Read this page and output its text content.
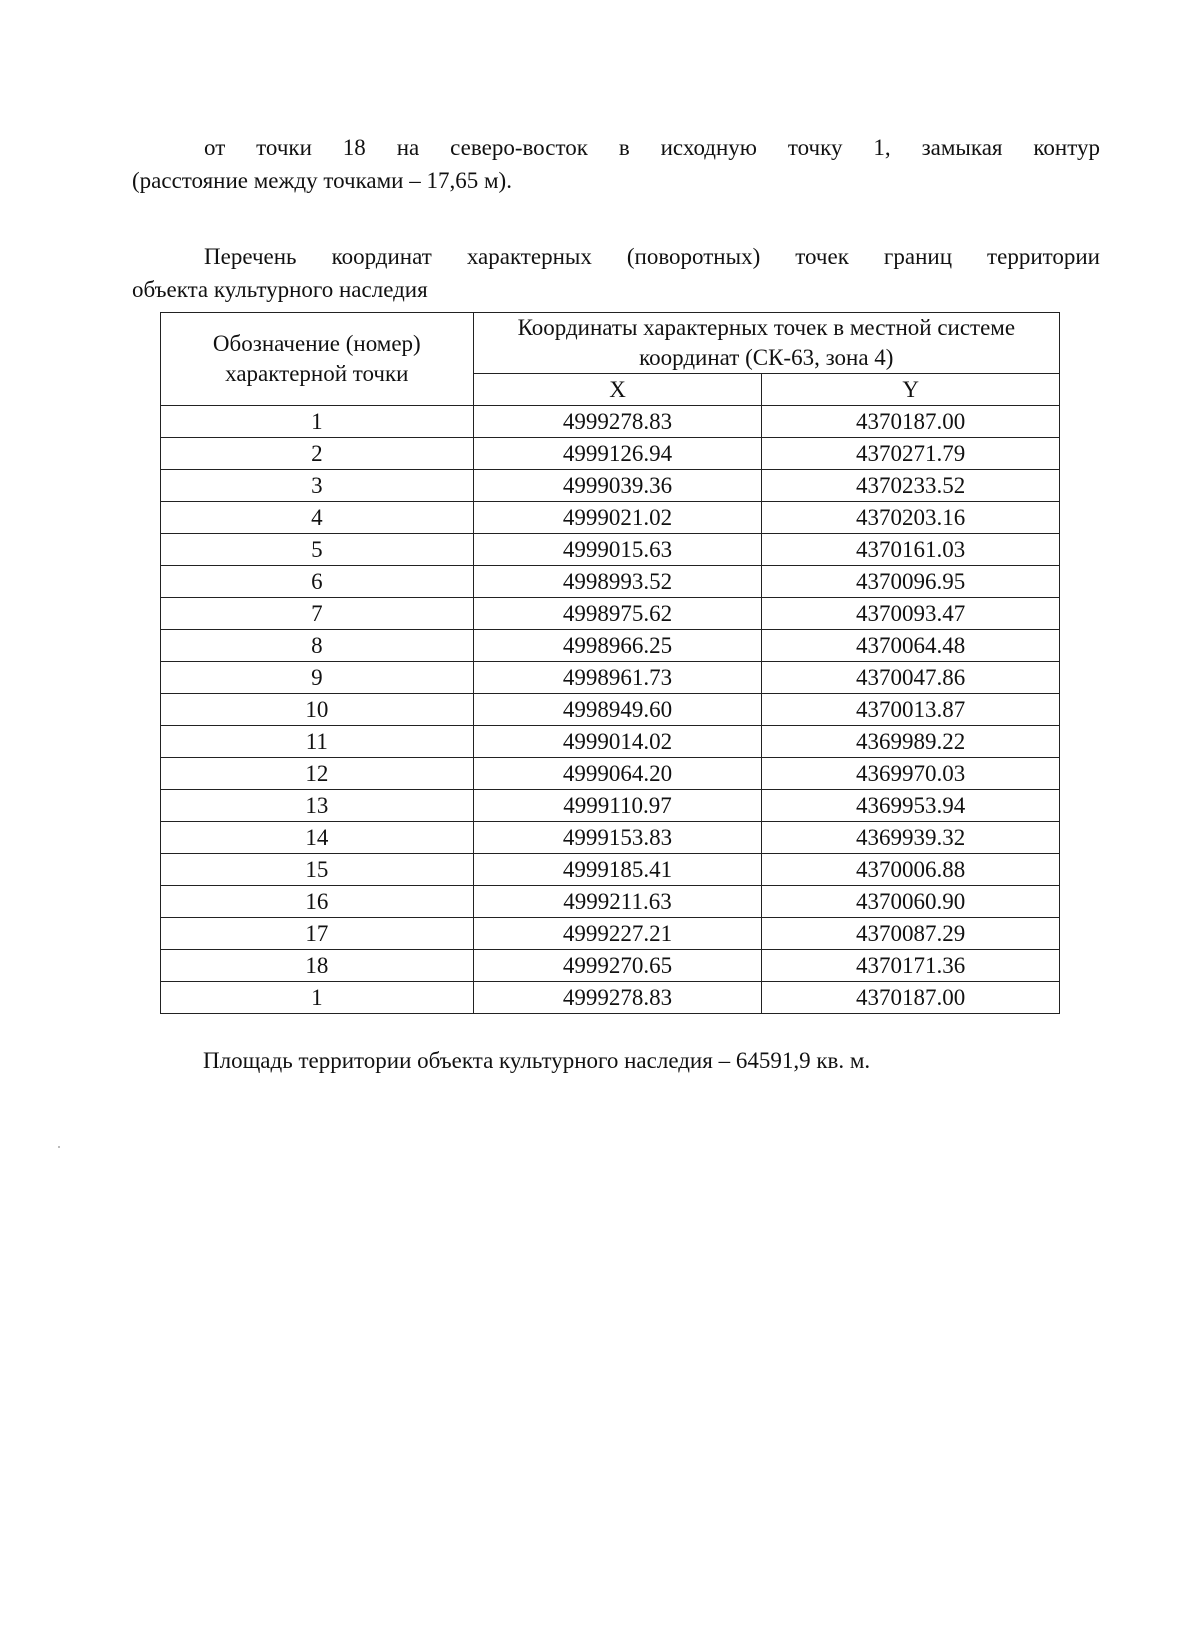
от точки 18 на северо-восток в исходную точку 1, замыкая контур
(расстояние между точками – 17,65 м).

Перечень координат характерных (поворотных) точек границ территории
объекта культурного наследия

Обозначение (номер) характерной точки	Координаты характерных точек в местной системе координат (СК-63, зона 4)	
	X	Y
1	4999278.83	4370187.00
2	4999126.94	4370271.79
3	4999039.36	4370233.52
4	4999021.02	4370203.16
5	4999015.63	4370161.03
6	4998993.52	4370096.95
7	4998975.62	4370093.47
8	4998966.25	4370064.48
9	4998961.73	4370047.86
10	4998949.60	4370013.87
11	4999014.02	4369989.22
12	4999064.20	4369970.03
13	4999110.97	4369953.94
14	4999153.83	4369939.32
15	4999185.41	4370006.88
16	4999211.63	4370060.90
17	4999227.21	4370087.29
18	4999270.65	4370171.36
1	4999278.83	4370187.00

Площадь территории объекта культурного наследия – 64591,9 кв. м.
